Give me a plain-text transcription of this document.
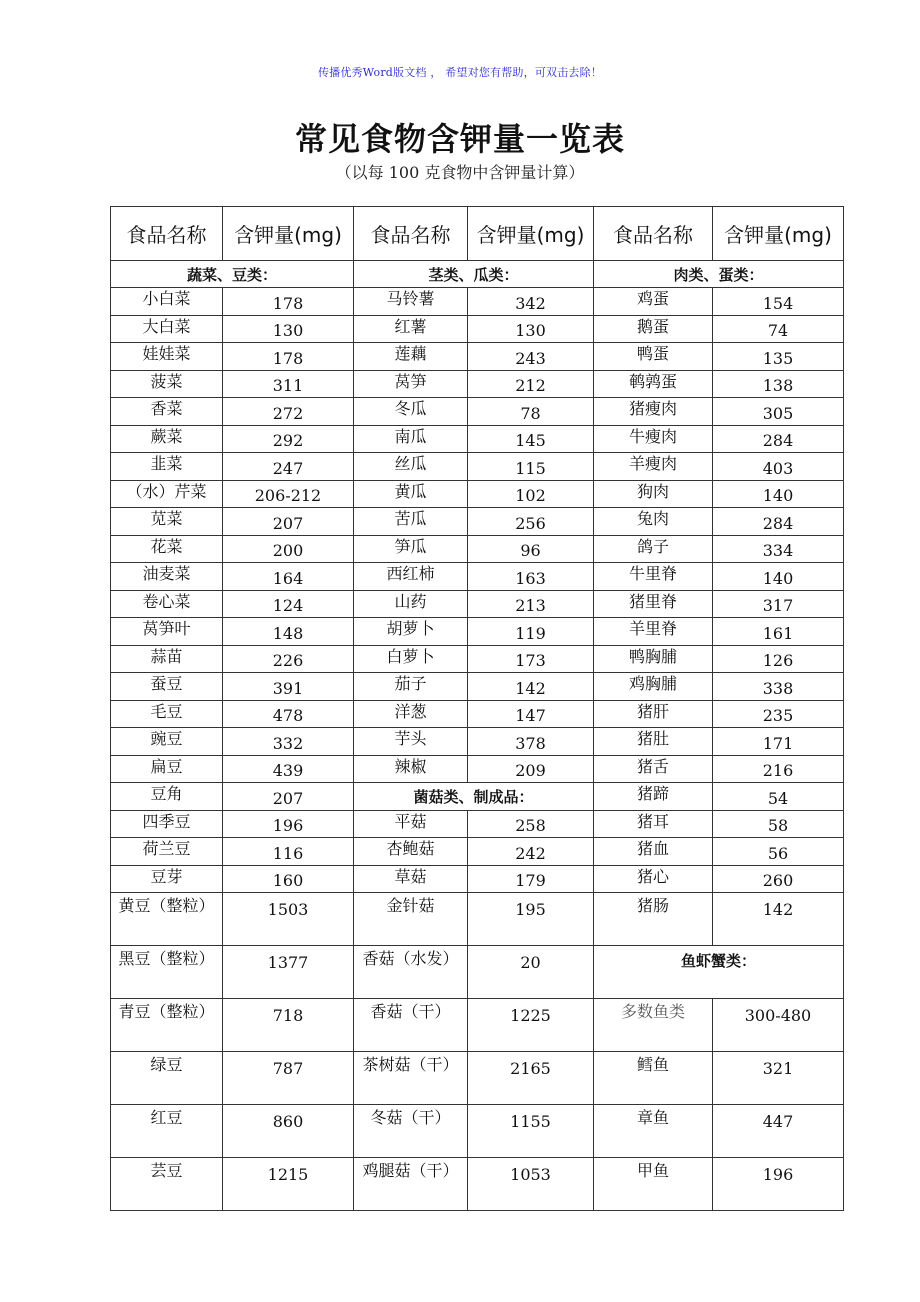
传播优秀Word版文档 ， 希望对您有帮助，可双击去除！
常见食物含钾量一览表
（以每 100 克食物中含钾量计算）
食品名称	含钾量(mg)	食品名称	含钾量(mg)	食品名称	含钾量(mg)
蔬菜、豆类：		茎类、瓜类：		肉类、蛋类：	
小白菜	178	马铃薯	342	鸡蛋	154
大白菜	130	红薯	130	鹅蛋	74
娃娃菜	178	莲藕	243	鸭蛋	135
菠菜	311	莴笋	212	鹌鹑蛋	138
香菜	272	冬瓜	78	猪瘦肉	305
蕨菜	292	南瓜	145	牛瘦肉	284
韭菜	247	丝瓜	115	羊瘦肉	403
（水）芹菜	206-212	黄瓜	102	狗肉	140
苋菜	207	苦瓜	256	兔肉	284
花菜	200	笋瓜	96	鸽子	334
油麦菜	164	西红柿	163	牛里脊	140
卷心菜	124	山药	213	猪里脊	317
莴笋叶	148	胡萝卜	119	羊里脊	161
蒜苗	226	白萝卜	173	鸭胸脯	126
蚕豆	391	茄子	142	鸡胸脯	338
毛豆	478	洋葱	147	猪肝	235
豌豆	332	芋头	378	猪肚	171
扁豆	439	辣椒	209	猪舌	216
豆角	207	菌菇类、制成品：		猪蹄	54
四季豆	196	平菇	258	猪耳	58
荷兰豆	116	杏鲍菇	242	猪血	56
豆芽	160	草菇	179	猪心	260
黄豆（整粒）	1503	金针菇	195	猪肠	142
黑豆（整粒）	1377	香菇（水发）	20	鱼虾蟹类：	
青豆（整粒）	718	香菇（干）	1225	多数鱼类	300-480
绿豆	787	茶树菇（干）	2165	鳕鱼	321
红豆	860	冬菇（干）	1155	章鱼	447
芸豆	1215	鸡腿菇（干）	1053	甲鱼	196
